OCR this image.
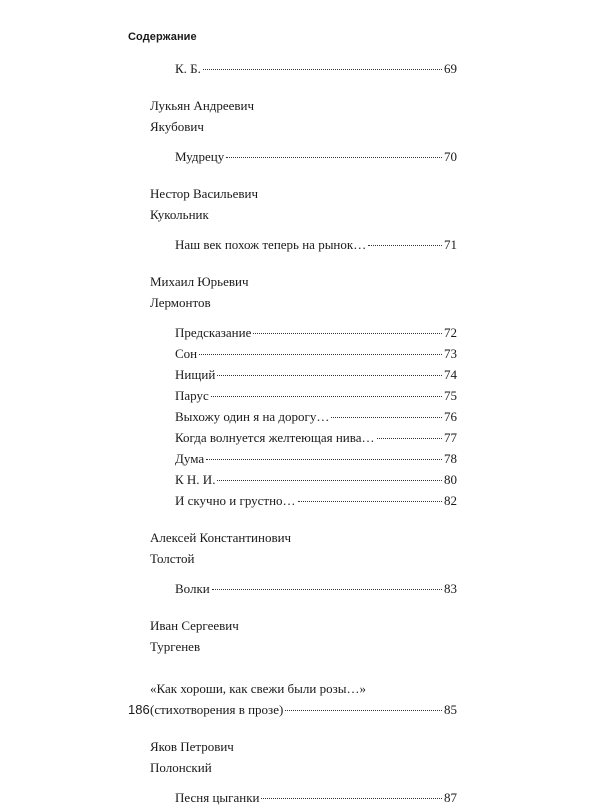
Содержание
К. Б.	69
Лукьян Андреевич
Якубович
Мудрецу	70
Нестор Васильевич
Кукольник
Наш век похож теперь на рынок…	71
Михаил Юрьевич
Лермонтов
Предсказание	72
Сон	73
Нищий	74
Парус	75
Выхожу один я на дорогу…	76
Когда волнуется желтеющая нива…	77
Дума	78
К Н. И.	80
И скучно и грустно…	82
Алексей Константинович
Толстой
Волки	83
Иван Сергеевич
Тургенев
«Как хороши, как свежи были розы…»
(стихотворения в прозе)	85
Яков Петрович
Полонский
Песня цыганки	87
186
